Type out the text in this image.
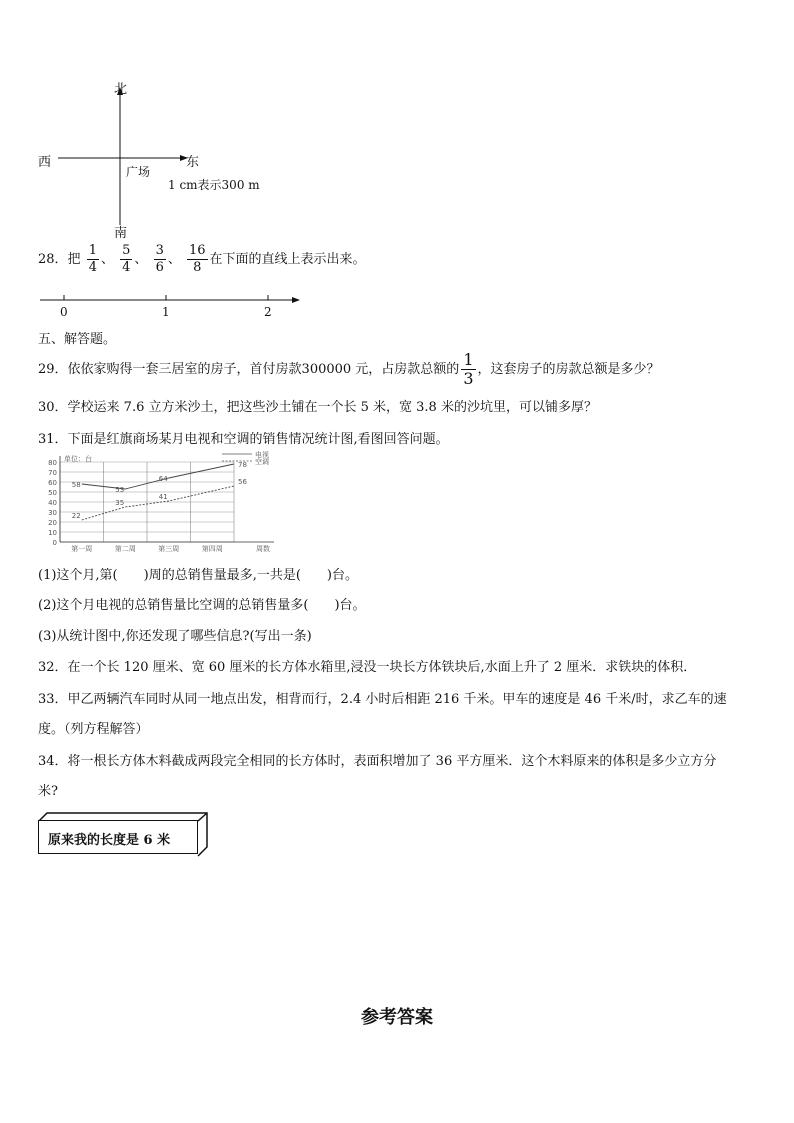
北
南
西	东
广场
1 cm表示300 m
28．把 $\frac{1}{4}$ 、 $\frac{5}{4}$ 、 $\frac{3}{6}$ 、 $\frac{16}{8}$ 在下面的直线上表示出来。
0	1	2
五、解答题。
29．依依家购得一套三居室的房子，首付房款300000 元，占房款总额的 $\frac{1}{3}$ ，这套房子的房款总额是多少？
30．学校运来 7.6 立方米沙土，把这些沙土铺在一个长 5 米，宽 3.8 米的沙坑里，可以铺多厚？
31．下面是红旗商场某月电视和空调的销售情况统计图,看图回答问题。
0
10
20
30
40
50
60
70
80 单位：台
第一周	第二周	第三周	第四周	周数
58
53
64
78
22
35
41
56
电视
空调
(1)这个月,第(　　)周的总销售量最多,一共是(　　)台。
(2)这个月电视的总销售量比空调的总销售量多(　　)台。
(3)从统计图中,你还发现了哪些信息?(写出一条)
32．在一个长 120 厘米、宽 60 厘米的长方体水箱里,浸没一块长方体铁块后,水面上升了 2 厘米．求铁块的体积．
33．甲乙两辆汽车同时从同一地点出发，相背而行，2.4 小时后相距 216 千米。甲车的速度是 46 千米/时，求乙车的速
度。（列方程解答）
34．将一根长方体木料截成两段完全相同的长方体时，表面积增加了 36 平方厘米．这个木料原来的体积是多少立方分
米?
原来我的长度是 6 米
参考答案
